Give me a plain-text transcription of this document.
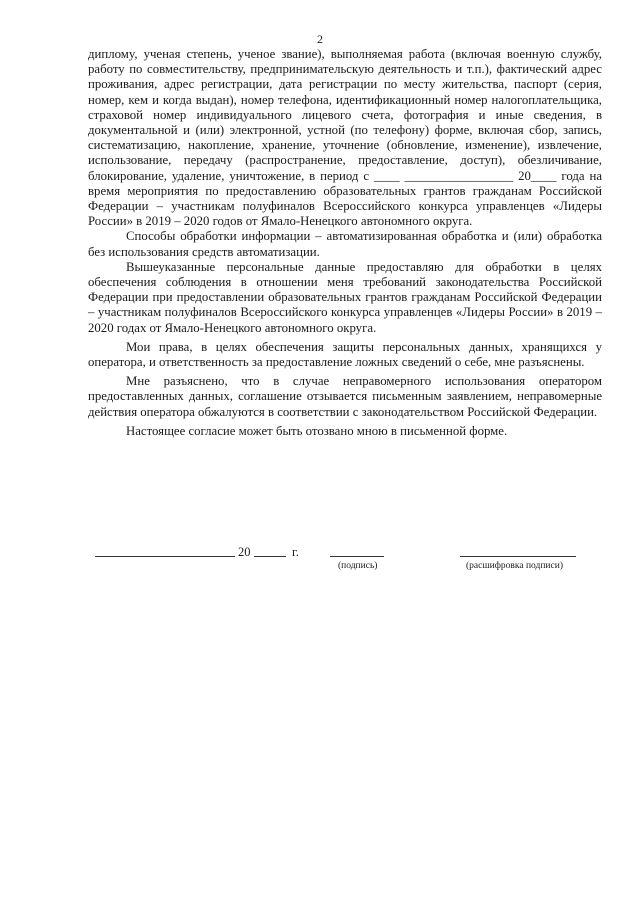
2

дипломy, ученая степень, ученое звание), выполняемая работа (включая военную службу, работу по совместительству, предпринимательскую деятельность и т.п.), фактический адрес проживания, адрес регистрации, дата регистрации по месту жительства, паспорт (серия, номер, кем и когда выдан), номер телефона, идентификационный номер налогоплательщика, страховой номер индивидуального лицевого счета, фотография и иные сведения, в документальной и (или) электронной, устной (по телефону) форме, включая сбор, запись, систематизацию, накопление, хранение, уточнение (обновление, изменение), извлечение, использование, передачу (распространение, предоставление, доступ), обезличивание, блокирование, удаление, уничтожение, в период с ____ _________________ 20____ года на время мероприятия по предоставлению образовательных грантов гражданам Российской Федерации – участникам полуфиналов Всероссийского конкурса управленцев «Лидеры России» в 2019 – 2020 годов от Ямало-Ненецкого автономного округа.

Способы обработки информации – автоматизированная обработка и (или) обработка без использования средств автоматизации.

Вышеуказанные персональные данные предоставляю для обработки в целях обеспечения соблюдения в отношении меня требований законодательства Российской Федерации при предоставлении образовательных грантов гражданам Российской Федерации – участникам полуфиналов Всероссийского конкурса управленцев «Лидеры России» в 2019 – 2020 годах от Ямало-Ненецкого автономного округа.

Мои права, в целях обеспечения защиты персональных данных, хранящихся у оператора, и ответственность за предоставление ложных сведений о себе, мне разъяснены.

Мне разъяснено, что в случае неправомерного использования оператором предоставленных данных, соглашение отзывается письменным заявлением, неправомерные действия оператора обжалуются в соответствии с законодательством Российской Федерации.

Настоящее согласие может быть отозвано мною в письменной форме.

20	г.
(подпись)	(расшифровка подписи)
